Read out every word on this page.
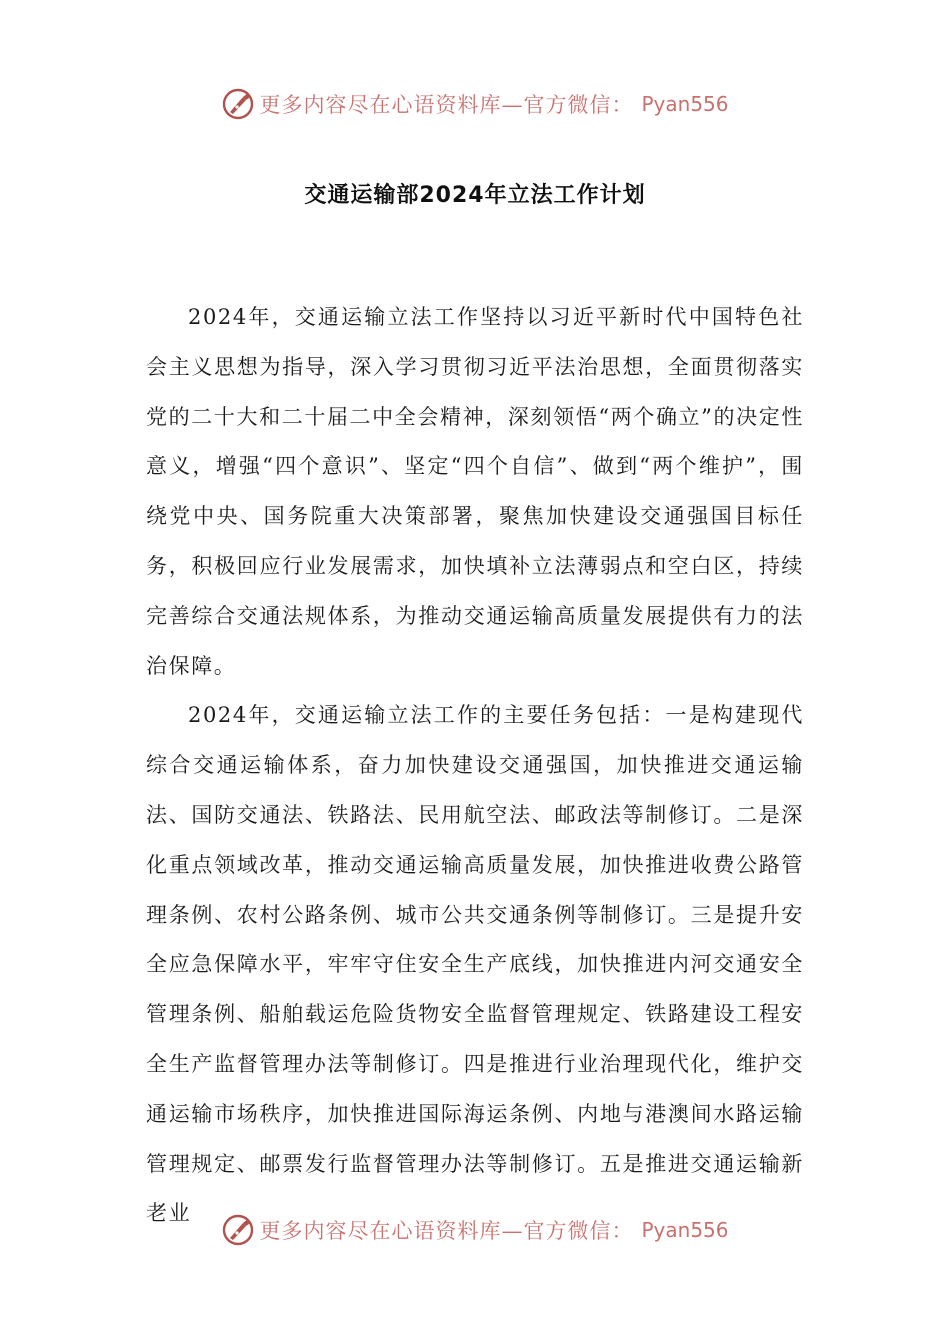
更多内容尽在心语资料库—官方微信： Pyan556
交通运输部2024年立法工作计划

2024年，交通运输立法工作坚持以习近平新时代中国特色社会主义思想为指导，深入学习贯彻习近平法治思想，全面贯彻落实党的二十大和二十届二中全会精神，深刻领悟“两个确立”的决定性意义，增强“四个意识”、坚定“四个自信”、做到“两个维护”，围绕党中央、国务院重大决策部署，聚焦加快建设交通强国目标任务，积极回应行业发展需求，加快填补立法薄弱点和空白区，持续完善综合交通法规体系，为推动交通运输高质量发展提供有力的法治保障。

2024年，交通运输立法工作的主要任务包括：一是构建现代综合交通运输体系，奋力加快建设交通强国，加快推进交通运输法、国防交通法、铁路法、民用航空法、邮政法等制修订。二是深化重点领域改革，推动交通运输高质量发展，加快推进收费公路管理条例、农村公路条例、城市公共交通条例等制修订。三是提升安全应急保障水平，牢牢守住安全生产底线，加快推进内河交通安全管理条例、船舶载运危险货物安全监督管理规定、铁路建设工程安全生产监督管理办法等制修订。四是推进行业治理现代化，维护交通运输市场秩序，加快推进国际海运条例、内地与港澳间水路运输管理规定、邮票发行监督管理办法等制修订。五是推进交通运输新老业

更多内容尽在心语资料库—官方微信： Pyan556
